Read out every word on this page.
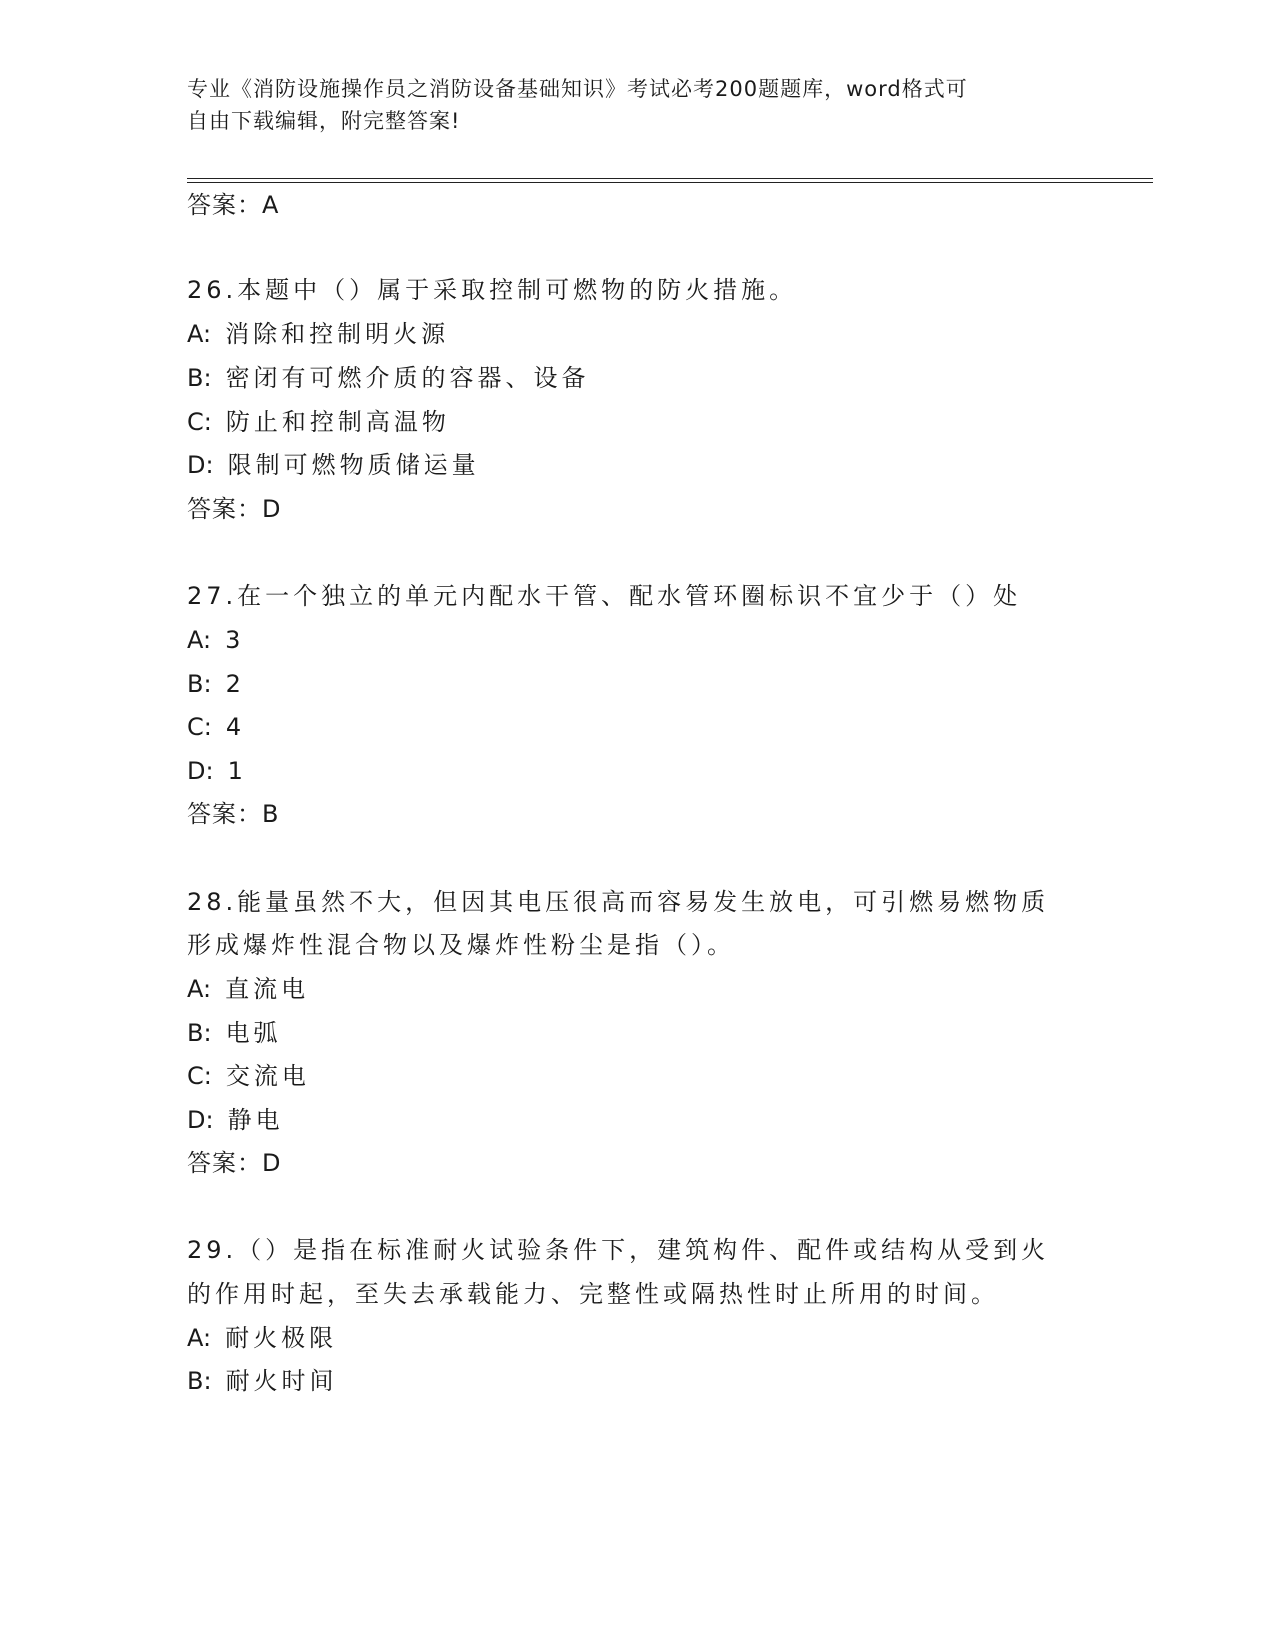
专业《消防设施操作员之消防设备基础知识》考试必考200题题库，word格式可
自由下载编辑，附完整答案!
答案：A
26.本题中（）属于采取控制可燃物的防火措施。
A: 消除和控制明火源
B: 密闭有可燃介质的容器、设备
C: 防止和控制高温物
D: 限制可燃物质储运量
答案：D
27.在一个独立的单元内配水干管、配水管环圈标识不宜少于（）处
A: 3
B: 2
C: 4
D: 1
答案：B
28.能量虽然不大，但因其电压很高而容易发生放电，可引燃易燃物质
形成爆炸性混合物以及爆炸性粉尘是指（）。
A: 直流电
B: 电弧
C: 交流电
D: 静电
答案：D
29.（）是指在标准耐火试验条件下，建筑构件、配件或结构从受到火
的作用时起，至失去承载能力、完整性或隔热性时止所用的时间。
A: 耐火极限
B: 耐火时间
